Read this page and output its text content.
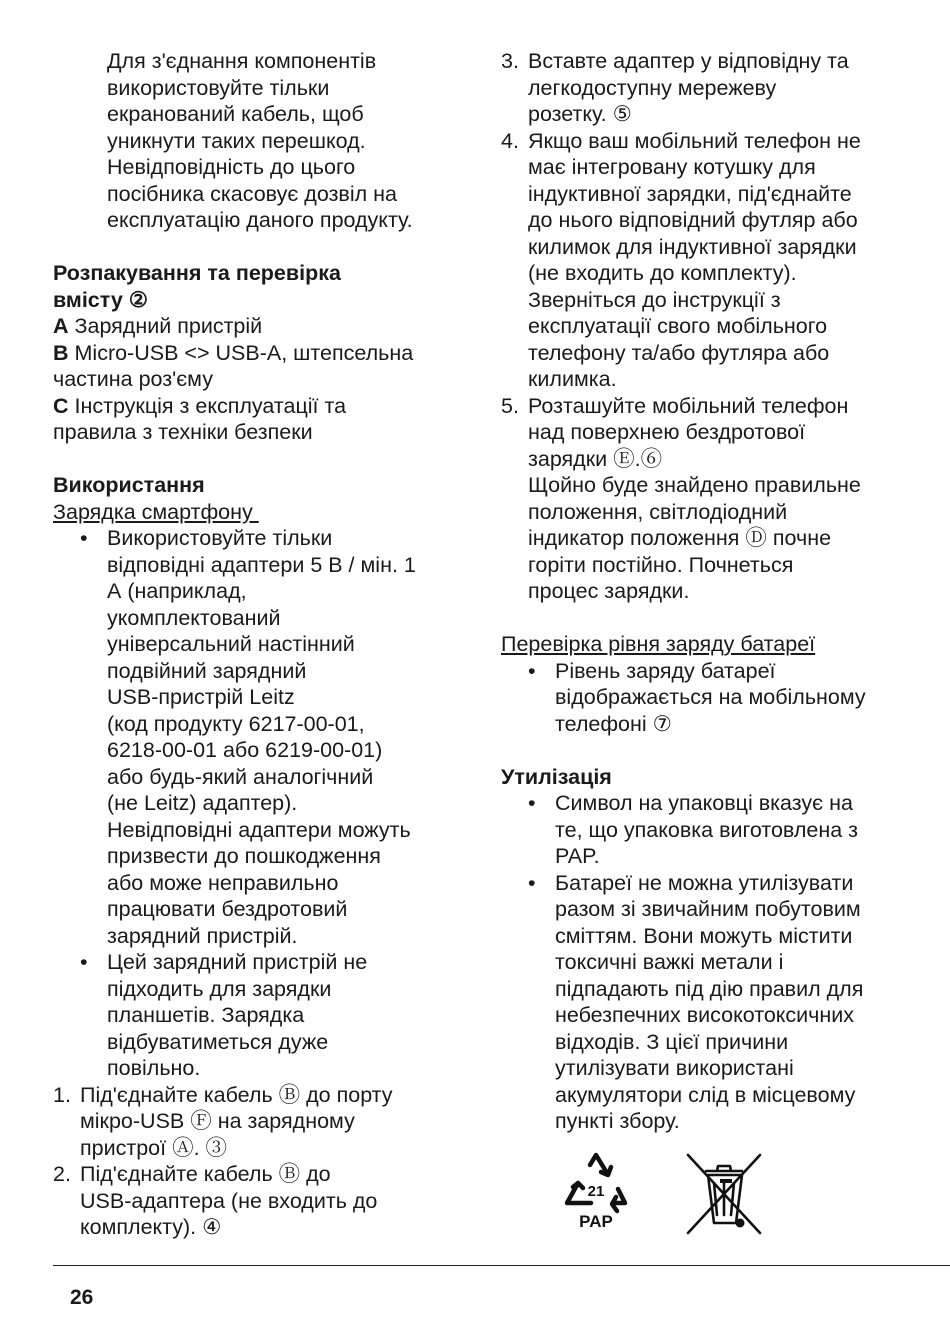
Для з'єднання компонентів

використовуйте тільки

екранований кабель, щоб

уникнути таких перешкод.

Невідповідність до цього

посібника скасовує дозвіл на

експлуатацію даного продукту.

Розпакування та перевірка

вмісту ②

A Зарядний пристрій

B Micro-USB <> USB-A, штепсельна

частина роз'єму

C Інструкція з експлуатації та

правила з техніки безпеки

Використання

Зарядка смартфону

• Використовуйте тільки

відповідні адаптери 5 В / мін. 1

А (наприклад,

укомплектований

універсальний настінний

подвійний зарядний

USB-пристрій Leitz

(код продукту 6217-00-01,

6218-00-01 або 6219-00-01)

або будь-який аналогічний

(не Leitz) адаптер).

Невідповідні адаптери можуть

призвести до пошкодження

або може неправильно

працювати бездротовий

зарядний пристрій.

• Цей зарядний пристрій не

підходить для зарядки

планшетів. Зарядка

відбуватиметься дуже

повільно.

1. Під'єднайте кабель Ⓑ до порту

мікро-USB Ⓕ на зарядному

пристрої Ⓐ. ③

2. Під'єднайте кабель Ⓑ до

USB-адаптера (не входить до

комплекту). ④

3. Вставте адаптер у відповідну та

легкодоступну мережеву

розетку. ⑤

4. Якщо ваш мобільний телефон не

має інтегровану котушку для

індуктивної зарядки, під'єднайте

до нього відповідний футляр або

килимок для індуктивної зарядки

(не входить до комплекту).

Зверніться до інструкції з

експлуатації свого мобільного

телефону та/або футляра або

килимка.

5. Розташуйте мобільний телефон

над поверхнею бездротової

зарядки Ⓔ.⑥

Щойно буде знайдено правильне

положення, світлодіодний

індикатор положення Ⓓ почне

горіти постійно. Почнеться

процес зарядки.

Перевірка рівня заряду батареї

• Рівень заряду батареї

відображається на мобільному

телефоні ⑦

Утилізація

• Символ на упаковці вказує на

те, що упаковка виготовлена з

PAP.

• Батареї не можна утилізувати

разом зі звичайним побутовим

сміттям. Вони можуть містити

токсичні важкі метали і

підпадають під дію правил для

небезпечних високотоксичних

відходів. З цієї причини

утилізувати використані

акумулятори слід в місцевому

пункті збору.

21
PAP
26
